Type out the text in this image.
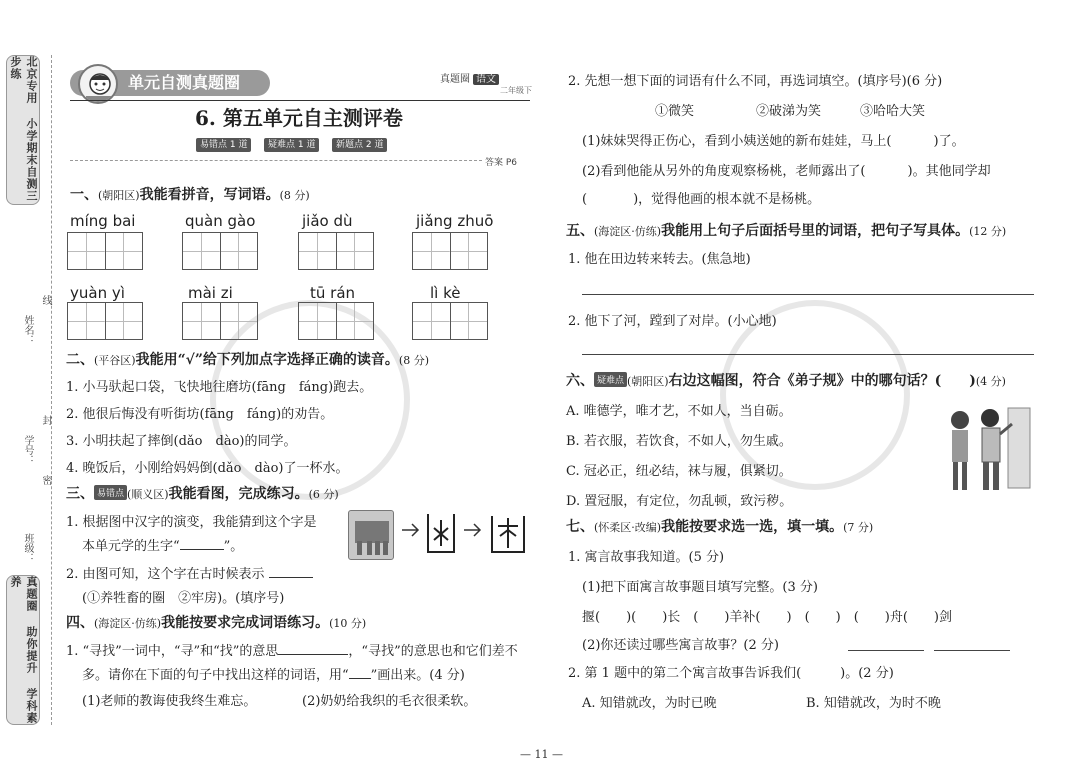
北京专用 小学期末自测三步练
姓名：
线
学号：
封
密
班级：
真题圈 助你提升 学科素养
单元自测真题圈	真题圈 语文
二年级下
6. 第五单元自主测评卷
易错点 1 道	疑难点 1 道	新题点 2 道
答案 P6
一、(朝阳区)我能看拼音，写词语。(8 分)
míng bai	quàn gào	jiǎo dù	jiǎng zhuō
yuàn yì	mài zi	tū rán	lì kè
二、(平谷区)我能用“√”给下列加点字选择正确的读音。(8 分)
1. 小马驮起口袋，飞快地往磨坊(fāng　fáng)跑去。
2. 他很后悔没有听街坊(fāng　fáng)的劝告。
3. 小明扶起了摔倒(dǎo　dào)的同学。
4. 晚饭后，小刚给妈妈倒(dǎo　dào)了一杯水。
三、 易错点 (顺义区)我能看图，完成练习。(6 分)
1. 根据图中汉字的演变，我能猜到这个字是
本单元学的生字“	”。
2. 由图可知，这个字在古时候表示
(①养牲畜的圈　②牢房)。(填序号)
四、(海淀区·仿练)我能按要求完成词语练习。(10 分)
1. “寻找”一词中，“寻”和“找”的意思	，“寻找”的意思也和它们差不
多。请你在下面的句子中找出这样的词语，用“ ”画出来。(4 分)
(1)老师的教诲使我终生难忘。	(2)奶奶给我织的毛衣很柔软。
2. 先想一想下面的词语有什么不同，再选词填空。(填序号)(6 分)
①微笑	②破涕为笑	③哈哈大笑
(1)妹妹哭得正伤心，看到小姨送她的新布娃娃，马上(	)了。
(2)看到他能从另外的角度观察杨桃，老师露出了(	)。其他同学却
(	)，觉得他画的根本就不是杨桃。
五、(海淀区·仿练)我能用上句子后面括号里的词语，把句子写具体。(12 分)
1. 他在田边转来转去。(焦急地)
2. 他下了河，蹚到了对岸。(小心地)
六、 疑难点 (朝阳区)右边这幅图，符合《弟子规》中的哪句话？(　　)(4 分)
A. 唯德学，唯才艺，不如人，当自砺。
B. 若衣服，若饮食，不如人，勿生戚。
C. 冠必正，纽必结，袜与履，俱紧切。
D. 置冠服，有定位，勿乱顿，致污秽。
七、(怀柔区·改编)我能按要求选一选，填一填。(7 分)
1. 寓言故事我知道。(5 分)
(1)把下面寓言故事题目填写完整。(3 分)
揠(　　)(　　)长　(　　)羊补(　　)　(　　)　(　　)舟(　　)剑
(2)你还读过哪些寓言故事？(2 分)
2. 第 1 题中的第二个寓言故事告诉我们(　　　)。(2 分)
A. 知错就改，为时已晚	B. 知错就改，为时不晚
— 11 —
